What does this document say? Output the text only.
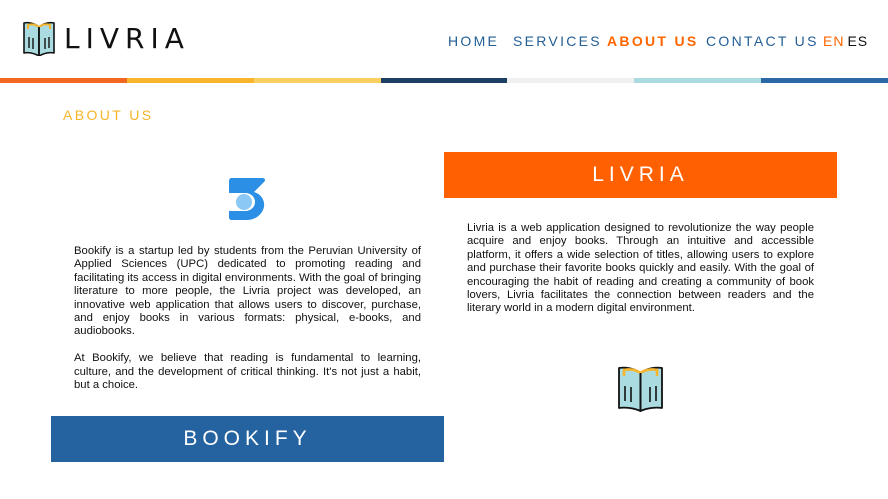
LIVRIA	HOME SERVICES ABOUT US CONTACT US EN ES
ABOUT US

Bookify is a startup led by students from the Peruvian University of Applied Sciences (UPC) dedicated to promoting reading and facilitating its access in digital environments. With the goal of bringing literature to more people, the Livria project was developed, an innovative web application that allows users to discover, purchase, and enjoy books in various formats: physical, e-books, and audiobooks.

At Bookify, we believe that reading is fundamental to learning, culture, and the development of critical thinking. It's not just a habit, but a choice.

LIVRIA

Livria is a web application designed to revolutionize the way people acquire and enjoy books. Through an intuitive and accessible platform, it offers a wide selection of titles, allowing users to explore and purchase their favorite books quickly and easily. With the goal of encouraging the habit of reading and creating a community of book lovers, Livria facilitates the connection between readers and the literary world in a modern digital environment.

BOOKIFY
